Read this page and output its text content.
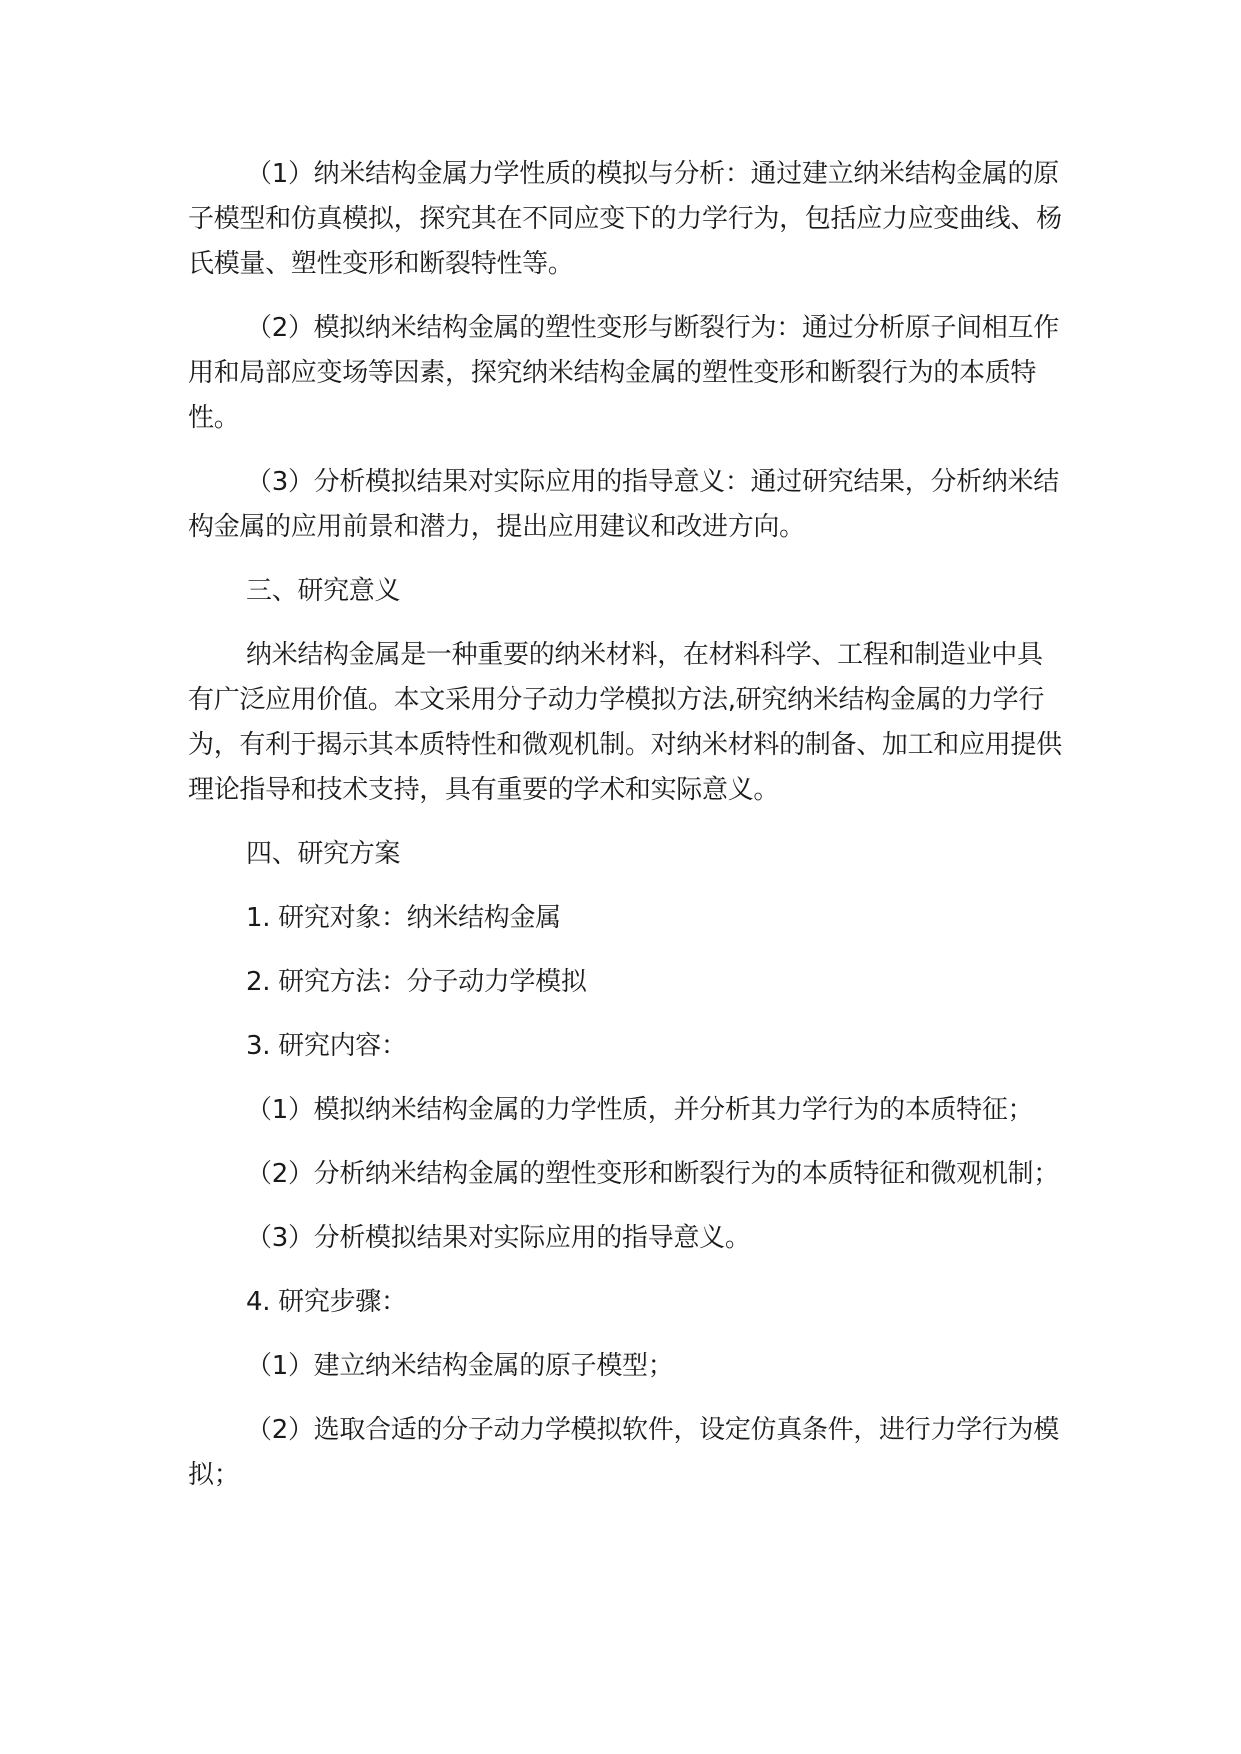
（1）纳米结构金属力学性质的模拟与分析：通过建立纳米结构金属的原子模型和仿真模拟，探究其在不同应变下的力学行为，包括应力应变曲线、杨氏模量、塑性变形和断裂特性等。

（2）模拟纳米结构金属的塑性变形与断裂行为：通过分析原子间相互作用和局部应变场等因素，探究纳米结构金属的塑性变形和断裂行为的本质特性。

（3）分析模拟结果对实际应用的指导意义：通过研究结果，分析纳米结构金属的应用前景和潜力，提出应用建议和改进方向。

三、研究意义

纳米结构金属是一种重要的纳米材料，在材料科学、工程和制造业中具有广泛应用价值。本文采用分子动力学模拟方法,研究纳米结构金属的力学行为，有利于揭示其本质特性和微观机制。对纳米材料的制备、加工和应用提供理论指导和技术支持，具有重要的学术和实际意义。

四、研究方案

1. 研究对象：纳米结构金属

2. 研究方法：分子动力学模拟

3. 研究内容：

（1）模拟纳米结构金属的力学性质，并分析其力学行为的本质特征；

（2）分析纳米结构金属的塑性变形和断裂行为的本质特征和微观机制；

（3）分析模拟结果对实际应用的指导意义。

4. 研究步骤：

（1）建立纳米结构金属的原子模型；

（2）选取合适的分子动力学模拟软件，设定仿真条件，进行力学行为模拟；
